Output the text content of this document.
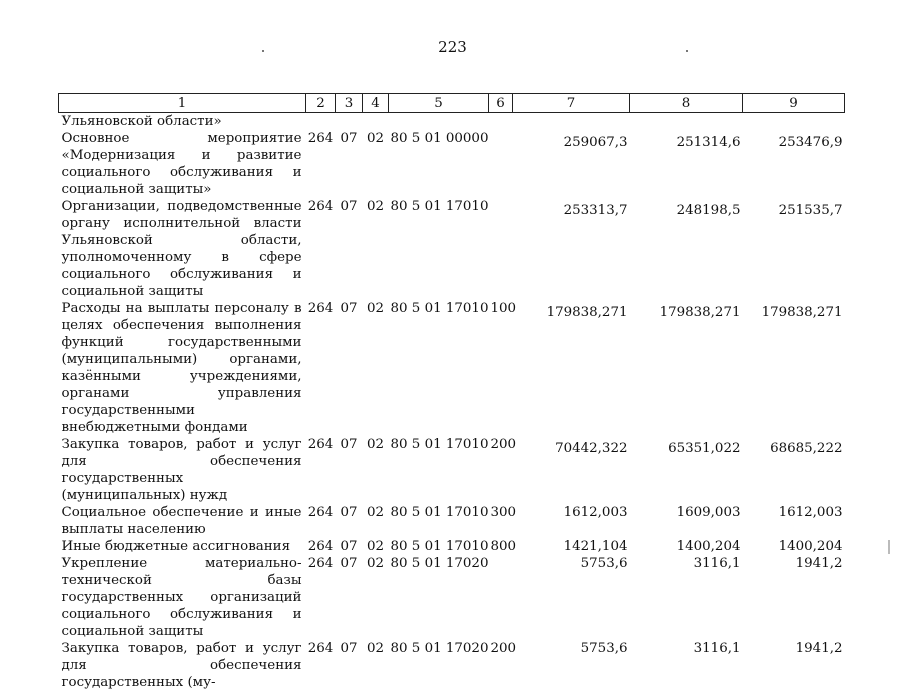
223
1	2	3	4	5	6	7	8	9
Ульяновской области»								
Основное мероприятие «Модернизация и развитие социального обслуживания и социальной защиты»	264	07	02	80 5 01 00000		259067,3	251314,6	253476,9
Организации, подведомственные органу исполнительной власти Ульяновской области, уполномоченному в сфере социального обслуживания и социальной защиты	264	07	02	80 5 01 17010		253313,7	248198,5	251535,7
Расходы на выплаты персоналу в целях обеспечения выполнения функций государственными (муниципальными) органами, казёнными учреждениями, органами управления государственными внебюджетными фондами	264	07	02	80 5 01 17010	100	179838,271	179838,271	179838,271
Закупка товаров, работ и услуг для обеспечения государственных (муниципальных) нужд	264	07	02	80 5 01 17010	200	70442,322	65351,022	68685,222
Социальное обеспечение и иные выплаты населению	264	07	02	80 5 01 17010	300	1612,003	1609,003	1612,003
Иные бюджетные ассигнования	264	07	02	80 5 01 17010	800	1421,104	1400,204	1400,204
Укрепление материально-технической базы государственных организаций социального обслуживания и социальной защиты	264	07	02	80 5 01 17020		5753,6	3116,1	1941,2
Закупка товаров, работ и услуг для обеспечения государственных (му-	264	07	02	80 5 01 17020	200	5753,6	3116,1	1941,2
